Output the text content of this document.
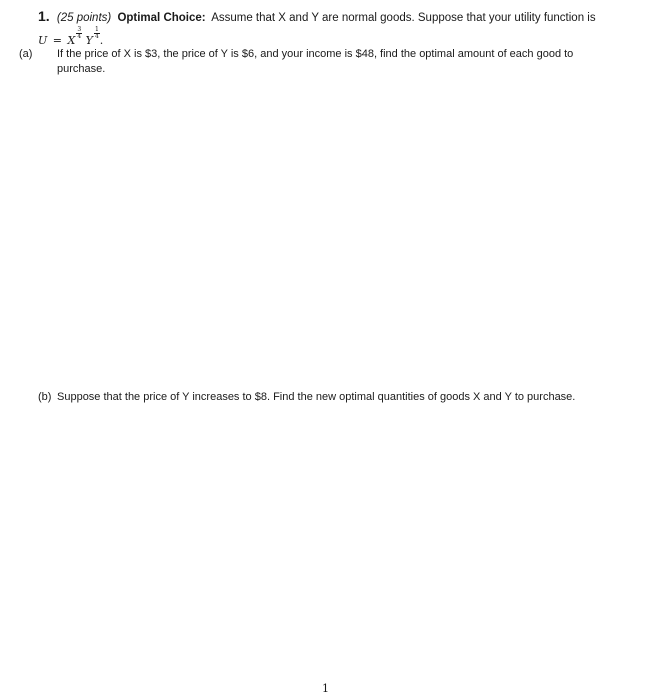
1. (25 points) Optimal Choice: Assume that X and Y are normal goods. Suppose that your utility function is
U = X
$\frac{3}{4}$
Y
$\frac{1}{4}$
.
(a) If the price of X is $3, the price of Y is $6, and your income is $48, find the optimal amount of each good to purchase.
(b) Suppose that the price of Y increases to $8. Find the new optimal quantities of goods X and Y to purchase.
1
